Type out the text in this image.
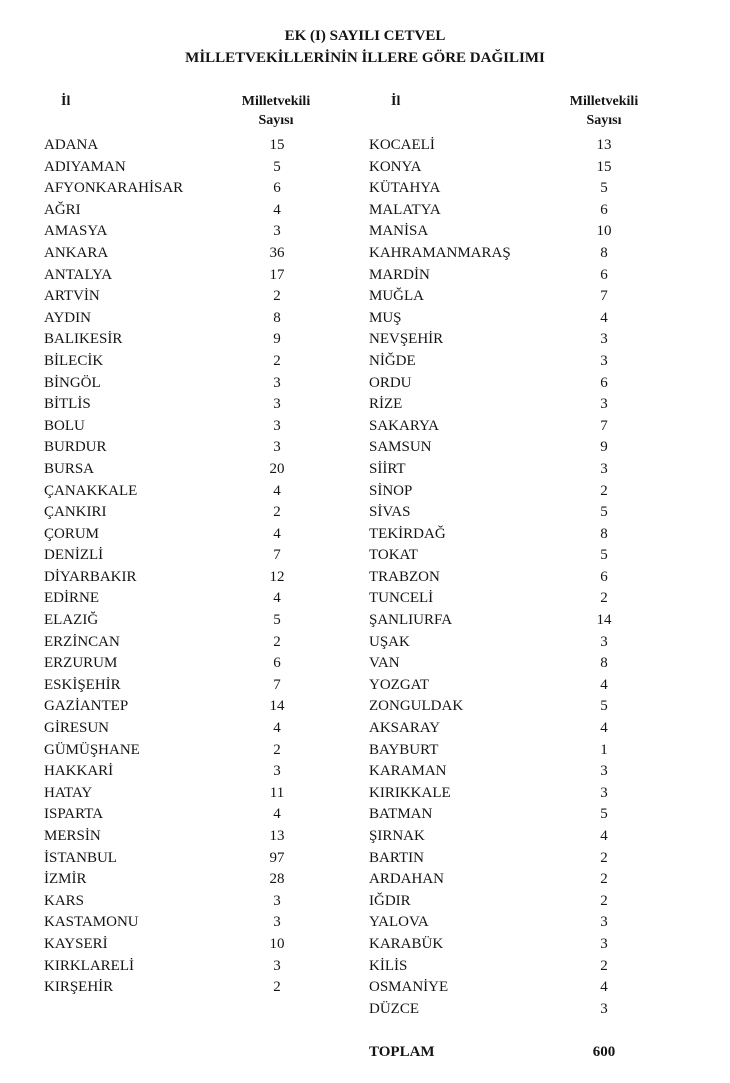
EK (I) SAYILI CETVEL
MİLLETVEKİLLERİNİN İLLERE GÖRE DAĞILIMI
İl	Milletvekili
Sayısı
İl	Milletvekili
Sayısı
ADANA	15
ADIYAMAN	5
AFYONKARAHİSAR	6
AĞRI	4
AMASYA	3
ANKARA	36
ANTALYA	17
ARTVİN	2
AYDIN	8
BALIKESİR	9
BİLECİK	2
BİNGÖL	3
BİTLİS	3
BOLU	3
BURDUR	3
BURSA	20
ÇANAKKALE	4
ÇANKIRI	2
ÇORUM	4
DENİZLİ	7
DİYARBAKIR	12
EDİRNE	4
ELAZIĞ	5
ERZİNCAN	2
ERZURUM	6
ESKİŞEHİR	7
GAZİANTEP	14
GİRESUN	4
GÜMÜŞHANE	2
HAKKARİ	3
HATAY	11
ISPARTA	4
MERSİN	13
İSTANBUL	97
İZMİR	28
KARS	3
KASTAMONU	3
KAYSERİ	10
KIRKLARELİ	3
KIRŞEHİR	2
KOCAELİ	13
KONYA	15
KÜTAHYA	5
MALATYA	6
MANİSA	10
KAHRAMANMARAŞ	8
MARDİN	6
MUĞLA	7
MUŞ	4
NEVŞEHİR	3
NİĞDE	3
ORDU	6
RİZE	3
SAKARYA	7
SAMSUN	9
SİİRT	3
SİNOP	2
SİVAS	5
TEKİRDAĞ	8
TOKAT	5
TRABZON	6
TUNCELİ	2
ŞANLIURFA	14
UŞAK	3
VAN	8
YOZGAT	4
ZONGULDAK	5
AKSARAY	4
BAYBURT	1
KARAMAN	3
KIRIKKALE	3
BATMAN	5
ŞIRNAK	4
BARTIN	2
ARDAHAN	2
IĞDIR	2
YALOVA	3
KARABÜK	3
KİLİS	2
OSMANİYE	4
DÜZCE	3
TOPLAM	600
